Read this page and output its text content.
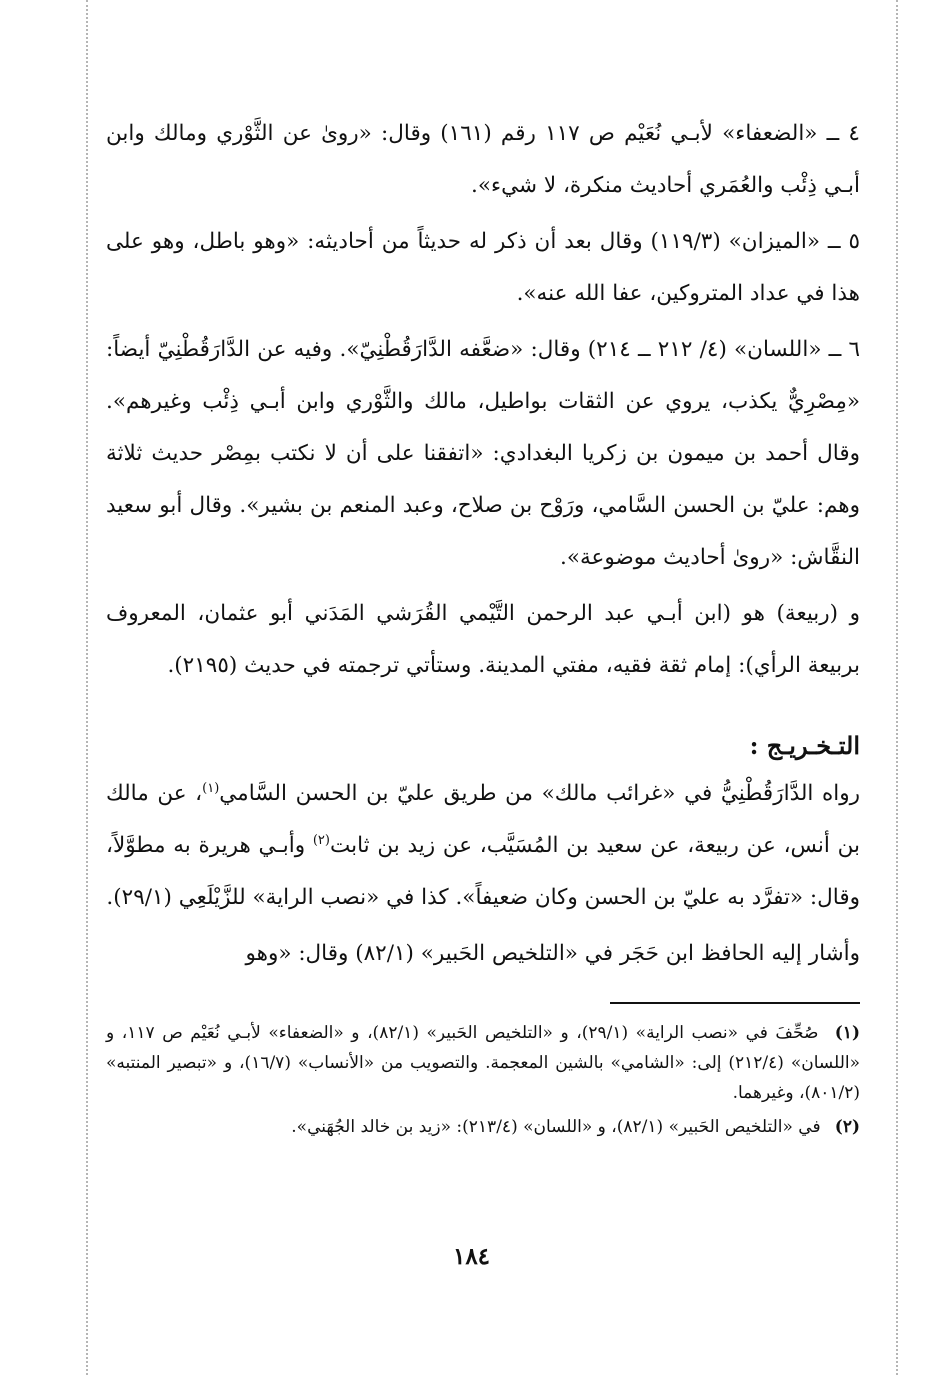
٤ ــ «الضعفاء» لأبـي نُعَيْم ص ١١٧ رقم (١٦١) وقال: «روىٰ عن الثَّوْري ومالك وابن أبـي ذِئْب والعُمَري أحاديث منكرة، لا شيء».

٥ ــ «الميزان» (١١٩/٣) وقال بعد أن ذكر له حديثاً من أحاديثه: «وهو باطل، وهو على هذا في عداد المتروكين، عفا الله عنه».

٦ ــ «اللسان» (٤/ ٢١٢ ــ ٢١٤) وقال: «ضعَّفه الدَّارَقُطْنِيّ». وفيه عن الدَّارَقُطْنِيّ أيضاً: «مِصْرِيٌّ يكذب، يروي عن الثقات بواطيل، مالك والثَّوْري وابن أبـي ذِئْب وغيرهم». وقال أحمد بن ميمون بن زكريا البغدادي: «اتفقنا على أن لا نكتب بمِصْر حديث ثلاثة وهم: عليّ بن الحسن السَّامي، ورَوْح بن صلاح، وعبد المنعم بن بشير». وقال أبو سعيد النقَّاش: «روىٰ أحاديث موضوعة».

و (ربيعة) هو (ابن أبـي عبد الرحمن التَّيْمي القُرَشي المَدَني أبو عثمان، المعروف بربيعة الرأي): إمام ثقة فقيه، مفتي المدينة. وستأتي ترجمته في حديث (٢١٩٥).

التـخـريـج :

رواه الدَّارَقُطْنِيُّ في «غرائب مالك» من طريق عليّ بن الحسن السَّامي$^{(١)}$، عن مالك بن أنس، عن ربيعة، عن سعيد بن المُسَيَّب، عن زيد بن ثابت$^{(٢)}$ وأبـي هريرة به مطوَّلاً، وقال: «تفرَّد به عليّ بن الحسن وكان ضعيفاً». كذا في «نصب الراية» للزَّيْلَعِي (٢٩/١).

وأشار إليه الحافظ ابن حَجَر في «التلخيص الحَبير» (٨٢/١) وقال: «وهو

(١) صُحِّفَ في «نصب الراية» (٢٩/١)، و «التلخيص الحَبير» (٨٢/١)، و «الضعفاء» لأبـي نُعَيْم ص ١١٧، و «اللسان» (٢١٢/٤) إلى: «الشامي» بالشين المعجمة. والتصويب من «الأنساب» (١٦/٧)، و «تبصير المنتبه» (٨٠١/٢)، وغيرهما.

(٢) في «التلخيص الحَبير» (٨٢/١)، و «اللسان» (٢١٣/٤): «زيد بن خالد الجُهَني».

١٨٤
